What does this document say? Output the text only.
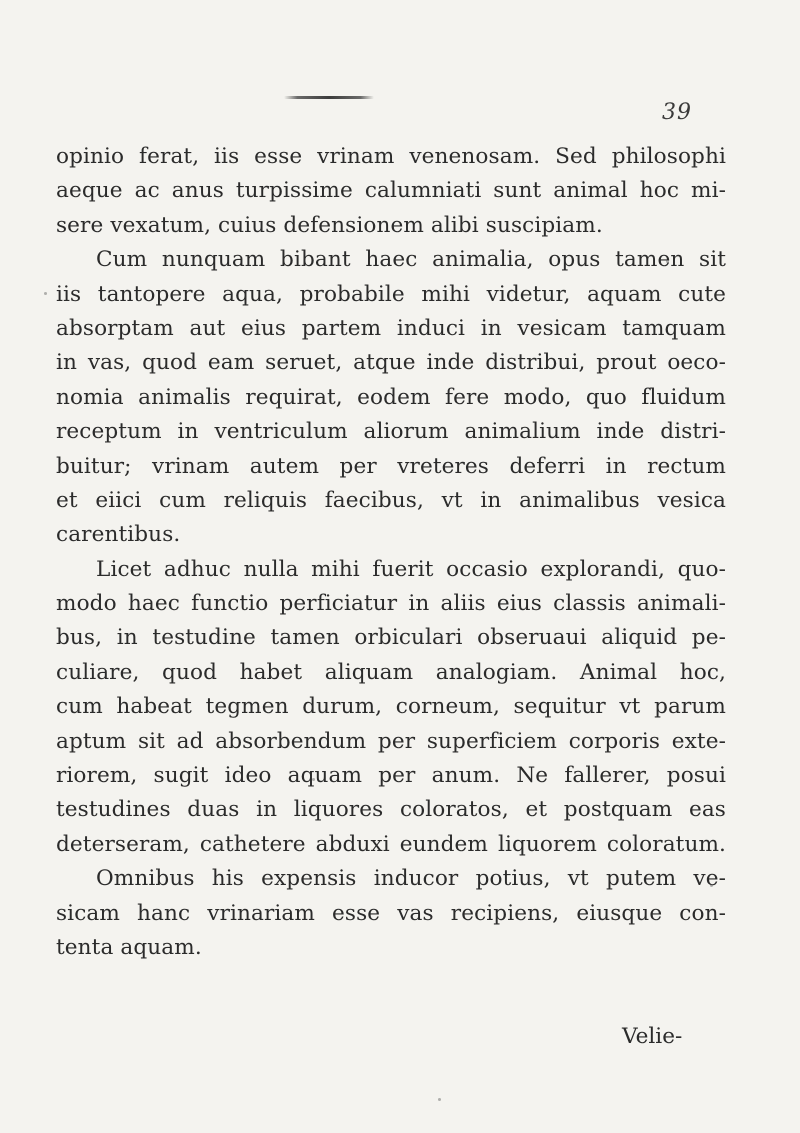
39
opinio ferat, iis esse vrinam venenosam. Sed philosophi
aeque ac anus turpissime calumniati sunt animal hoc mi-
sere vexatum, cuius defensionem alibi suscipiam.
Cum nunquam bibant haec animalia, opus tamen sit
iis tantopere aqua, probabile mihi videtur, aquam cute
absorptam aut eius partem induci in vesicam tamquam
in vas, quod eam seruet, atque inde distribui, prout oeco-
nomia animalis requirat, eodem fere modo, quo fluidum
receptum in ventriculum aliorum animalium inde distri-
buitur; vrinam autem per vreteres deferri in rectum
et eiici cum reliquis faecibus, vt in animalibus vesica
carentibus.
Licet adhuc nulla mihi fuerit occasio explorandi, quo-
modo haec functio perficiatur in aliis eius classis animali-
bus, in testudine tamen orbiculari obseruaui aliquid pe-
culiare, quod habet aliquam analogiam. Animal hoc,
cum habeat tegmen durum, corneum, sequitur vt parum
aptum sit ad absorbendum per superficiem corporis exte-
riorem, sugit ideo aquam per anum. Ne fallerer, posui
testudines duas in liquores coloratos, et postquam eas
deterseram, cathetere abduxi eundem liquorem coloratum.
Omnibus his expensis inducor potius, vt putem ve-
sicam hanc vrinariam esse vas recipiens, eiusque con-
tenta aquam.
Velie-
